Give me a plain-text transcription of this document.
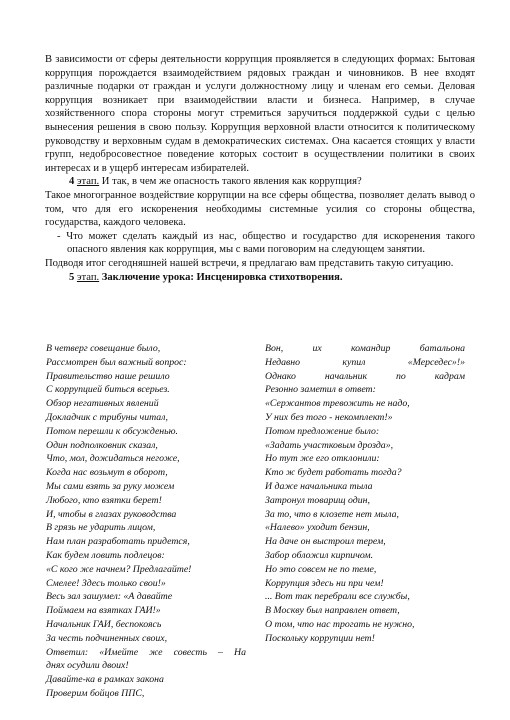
В зависимости от сферы деятельности коррупция проявляется в следующих формах: Бытовая коррупция порождается взаимодействием рядовых граждан и чиновников. В нее входят различные подарки от граждан и услуги должностному лицу и членам его семьи. Деловая коррупция возникает при взаимодействии власти и бизнеса. Например, в случае хозяйственного спора стороны могут стремиться заручиться поддержкой судьи с целью вынесения решения в свою пользу. Коррупция верховной власти относится к политическому руководству и верховным судам в демократических системах. Она касается стоящих у власти групп, недобросовестное поведение которых состоит в осуществлении политики в своих интересах и в ущерб интересам избирателей.

4 этап. И так, в чем же опасность такого явления как коррупция?

Такое многогранное воздействие коррупции на все сферы общества, позволяет делать вывод о том, что для его искоренения необходимы системные усилия со стороны общества, государства, каждого человека.

- Что может сделать каждый из нас, общество и государство для искоренения такого опасного явления как коррупция, мы с вами поговорим на следующем занятии.

Подводя итог сегодняшней нашей встречи, я предлагаю вам представить такую ситуацию.

5 этап. Заключение урока: Инсценировка стихотворения.

В четверг совещание было,
Рассмотрен был важный вопрос:
Правительство наше решило
С коррупцией биться всерьез.
Обзор негативных явлений
Докладчик с трибуны читал,
Потом перешли к обсужденью.
Один подполковник сказал,
Что, мол, дожидаться негоже,
Когда нас возьмут в оборот,
Мы сами взять за руку можем
Любого, кто взятки берет!
И, чтобы в глазах руководства
В грязь не ударить лицом,
Нам план разработать придется,
Как будем ловить подлецов:
«С кого же начнем? Предлагайте!
Смелее! Здесь только свои!»
Весь зал зашумел: «А давайте
Поймаем на взятках ГАИ!»
Начальник ГАИ, беспокоясь
За честь подчиненных своих,
Ответил: «Имейте же совесть – На
днях осудили двоих!
Давайте-ка в рамках закона
Проверим бойцов ППС,
Вон, их командир батальона
Недавно купил «Мерседес»!»
Однако начальник по кадрам
Резонно заметил в ответ:
«Сержантов тревожить не надо,
У них без того - некомплект!»
Потом предложение было:
«Задать участковым дрозда»,
Но тут же его отклонили:
Кто ж будет работать тогда?
И даже начальника тыла
Затронул товарищ один,
За то, что в клозете нет мыла,
«Налево» уходит бензин,
На даче он выстроил терем,
Забор обложил кирпичом.
Но это совсем не по теме,
Коррупция здесь ни при чем!
... Вот так перебрали все службы,
В Москву был направлен ответ,
О том, что нас трогать не нужно,
Поскольку коррупции нет!
